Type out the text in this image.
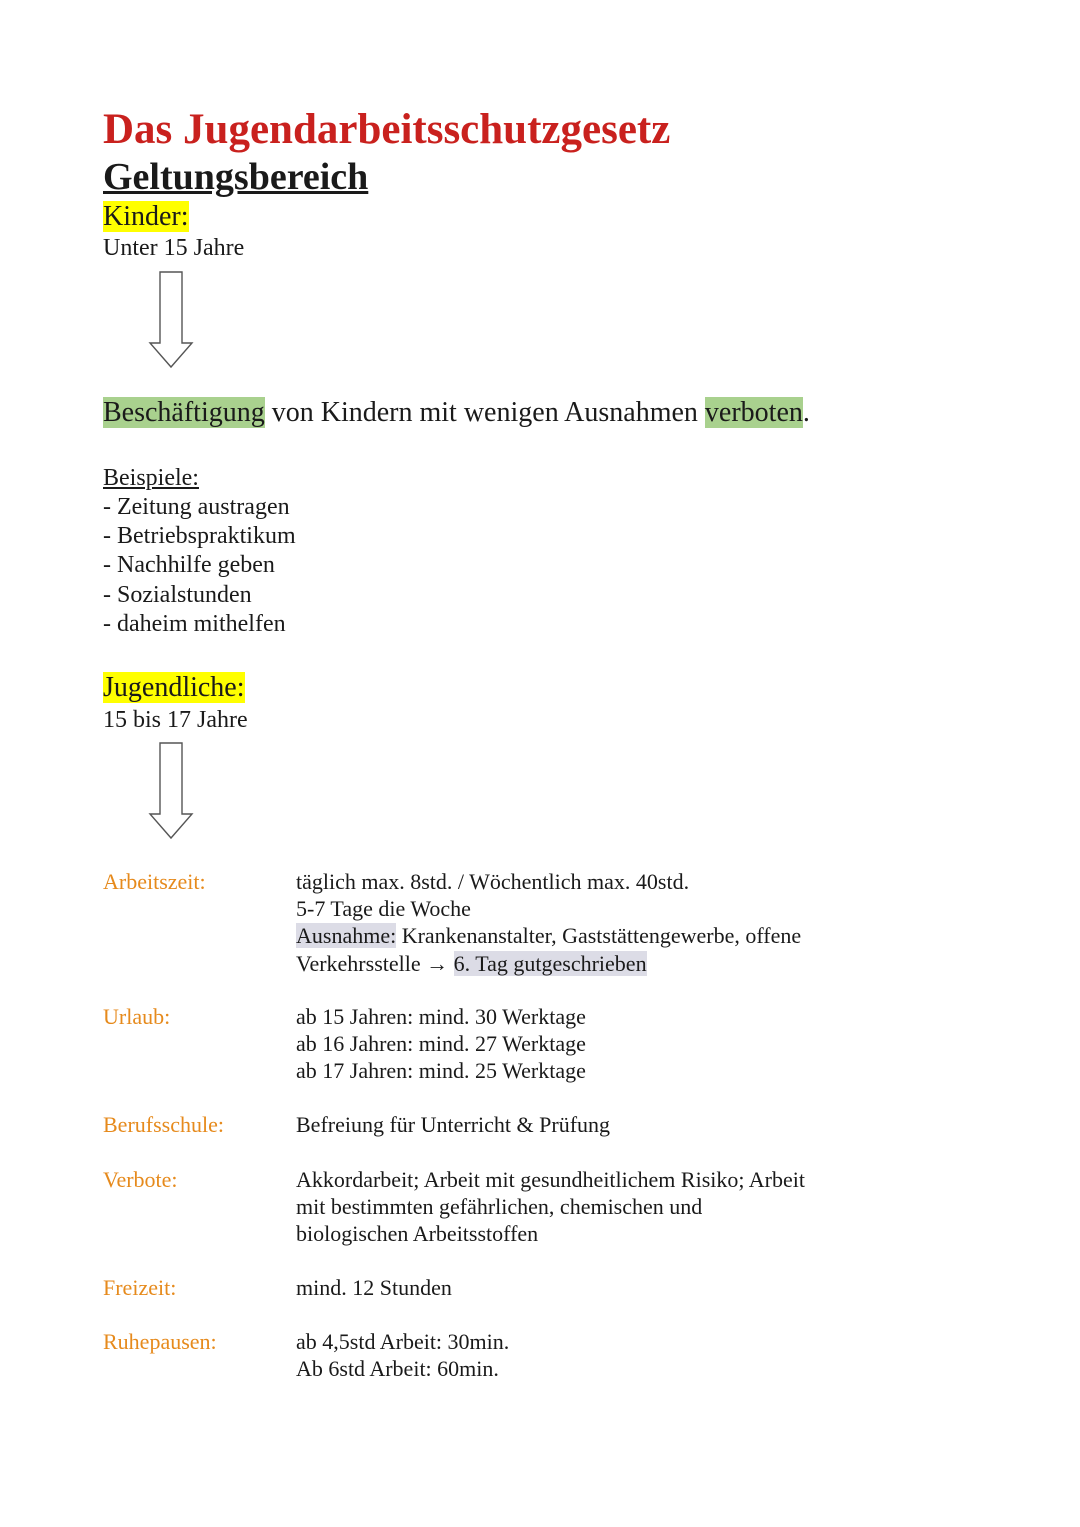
Das Jugendarbeitsschutzgesetz
Geltungsbereich
Kinder:
Unter 15 Jahre
Beschäftigung von Kindern mit wenigen Ausnahmen verboten.
Beispiele:
- Zeitung austragen
- Betriebspraktikum
- Nachhilfe geben
- Sozialstunden
- daheim mithelfen
Jugendliche:
15 bis 17 Jahre
Arbeitszeit:	täglich max. 8std. / Wöchentlich max. 40std.
5-7 Tage die Woche
Ausnahme: Krankenanstalter, Gaststättengewerbe, offene
Verkehrsstelle → 6. Tag gutgeschrieben
Urlaub:	ab 15 Jahren: mind. 30 Werktage
ab 16 Jahren: mind. 27 Werktage
ab 17 Jahren: mind. 25 Werktage
Berufsschule:	Befreiung für Unterricht & Prüfung
Verbote:	Akkordarbeit; Arbeit mit gesundheitlichem Risiko; Arbeit
mit bestimmten gefährlichen, chemischen und
biologischen Arbeitsstoffen
Freizeit:	mind. 12 Stunden
Ruhepausen:	ab 4,5std Arbeit: 30min.
Ab 6std Arbeit: 60min.
